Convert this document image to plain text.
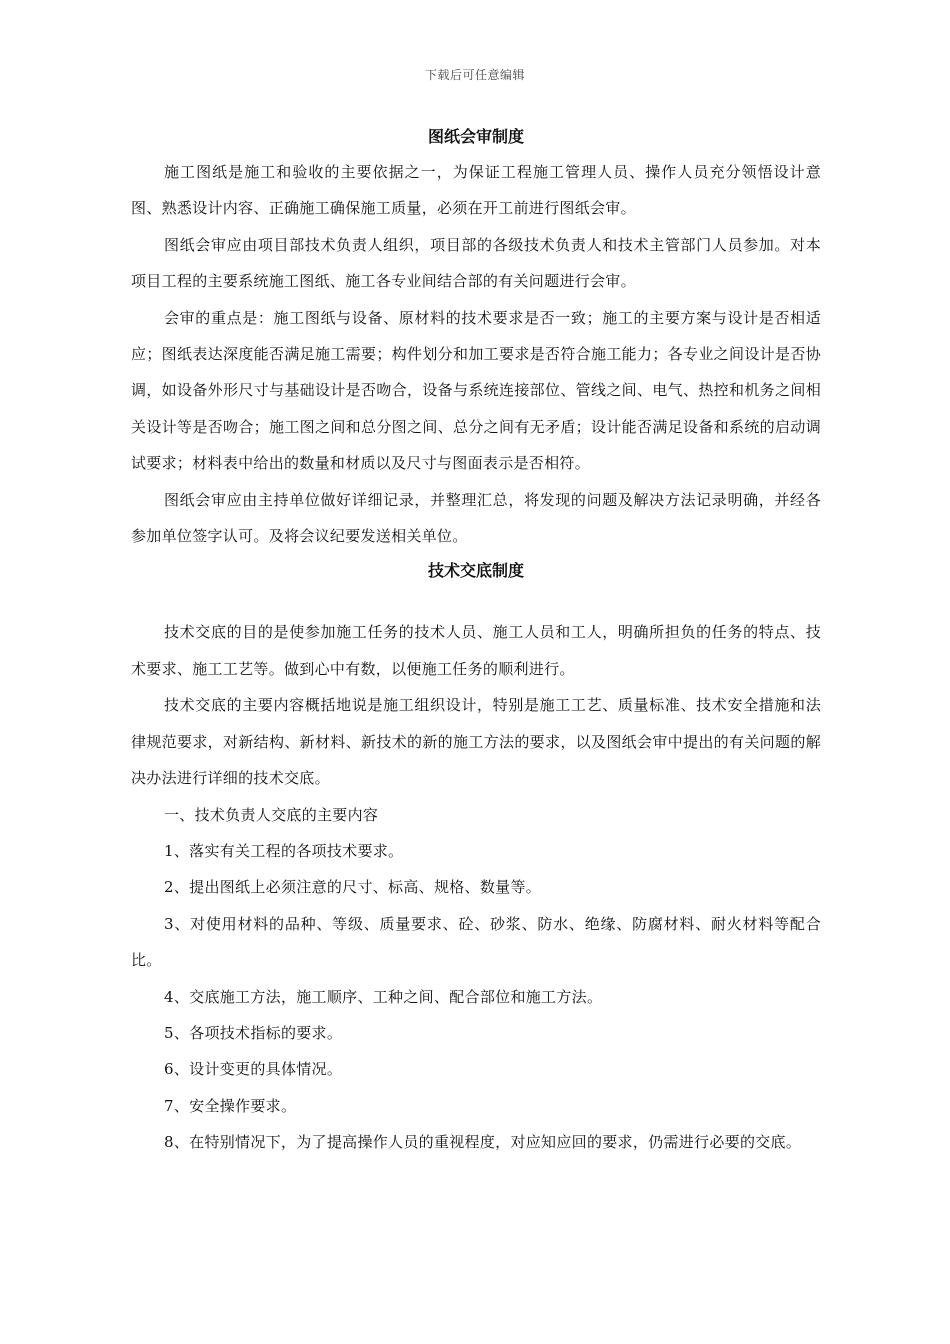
下载后可任意编辑
图纸会审制度

施工图纸是施工和验收的主要依据之一，为保证工程施工管理人员、操作人员充分领悟设计意图、熟悉设计内容、正确施工确保施工质量，必须在开工前进行图纸会审。

图纸会审应由项目部技术负责人组织，项目部的各级技术负责人和技术主管部门人员参加。对本项目工程的主要系统施工图纸、施工各专业间结合部的有关问题进行会审。

会审的重点是：施工图纸与设备、原材料的技术要求是否一致；施工的主要方案与设计是否相适应；图纸表达深度能否满足施工需要；构件划分和加工要求是否符合施工能力；各专业之间设计是否协调，如设备外形尺寸与基础设计是否吻合，设备与系统连接部位、管线之间、电气、热控和机务之间相关设计等是否吻合；施工图之间和总分图之间、总分之间有无矛盾；设计能否满足设备和系统的启动调试要求；材料表中给出的数量和材质以及尺寸与图面表示是否相符。

图纸会审应由主持单位做好详细记录，并整理汇总，将发现的问题及解决方法记录明确，并经各参加单位签字认可。及将会议纪要发送相关单位。

技术交底制度

技术交底的目的是使参加施工任务的技术人员、施工人员和工人，明确所担负的任务的特点、技术要求、施工工艺等。做到心中有数，以便施工任务的顺利进行。

技术交底的主要内容概括地说是施工组织设计，特别是施工工艺、质量标准、技术安全措施和法律规范要求，对新结构、新材料、新技术的新的施工方法的要求，以及图纸会审中提出的有关问题的解决办法进行详细的技术交底。

一、技术负责人交底的主要内容

1、落实有关工程的各项技术要求。

2、提出图纸上必须注意的尺寸、标高、规格、数量等。

3、对使用材料的品种、等级、质量要求、砼、砂浆、防水、绝缘、防腐材料、耐火材料等配合比。

4、交底施工方法，施工顺序、工种之间、配合部位和施工方法。

5、各项技术指标的要求。

6、设计变更的具体情况。

7、安全操作要求。

8、在特别情况下，为了提高操作人员的重视程度，对应知应回的要求，仍需进行必要的交底。
